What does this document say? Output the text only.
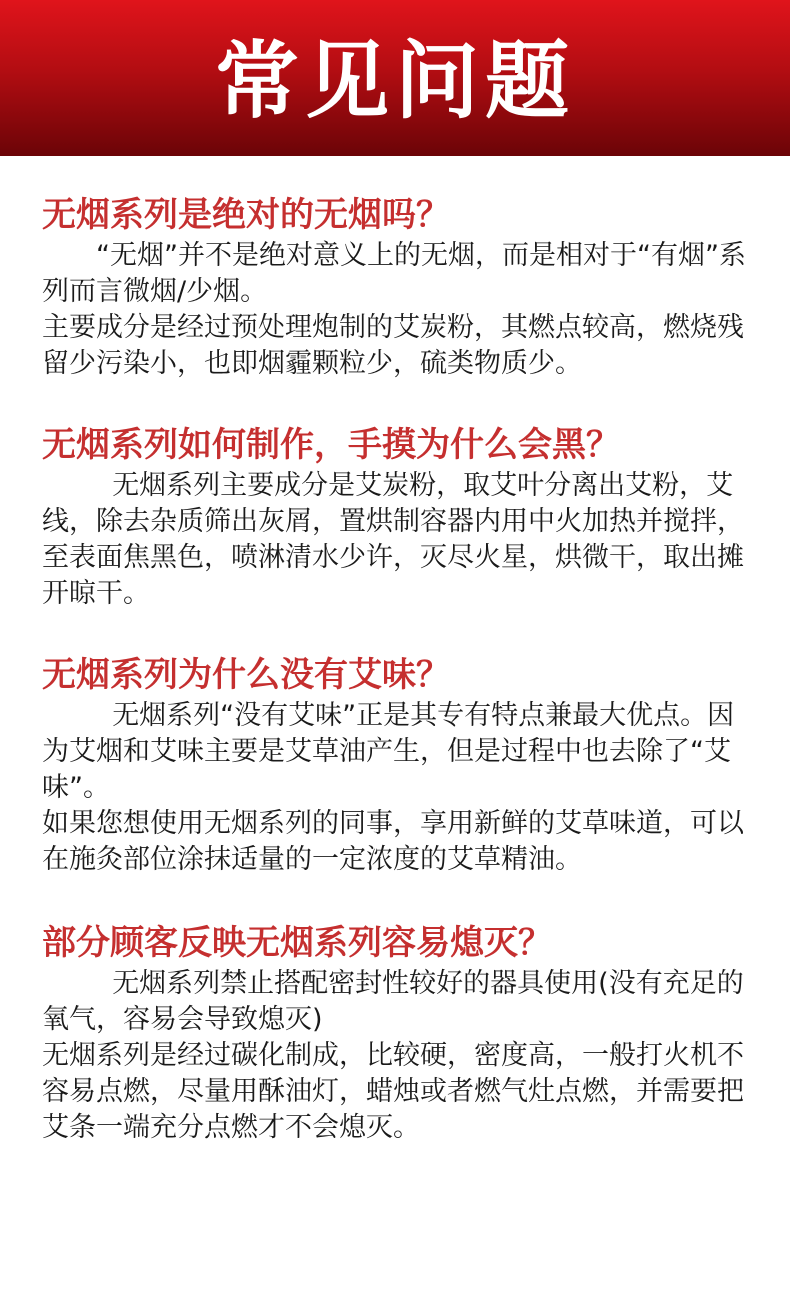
常见问题

无烟系列是绝对的无烟吗？

“无烟”并不是绝对意义上的无烟，而是相对于“有烟”系列而言微烟/少烟。

主要成分是经过预处理炮制的艾炭粉，其燃点较高，燃烧残留少污染小，也即烟霾颗粒少，硫类物质少。

无烟系列如何制作，手摸为什么会黑？

无烟系列主要成分是艾炭粉，取艾叶分离出艾粉，艾线，除去杂质筛出灰屑，置烘制容器内用中火加热并搅拌，至表面焦黑色，喷淋清水少许，灭尽火星，烘微干，取出摊开晾干。

无烟系列为什么没有艾味？

无烟系列“没有艾味”正是其专有特点兼最大优点。因为艾烟和艾味主要是艾草油产生，但是过程中也去除了“艾味”。

如果您想使用无烟系列的同事，享用新鲜的艾草味道，可以在施灸部位涂抹适量的一定浓度的艾草精油。

部分顾客反映无烟系列容易熄灭？

无烟系列禁止搭配密封性较好的器具使用(没有充足的氧气，容易会导致熄灭)

无烟系列是经过碳化制成，比较硬，密度高，一般打火机不容易点燃，尽量用酥油灯，蜡烛或者燃气灶点燃，并需要把艾条一端充分点燃才不会熄灭。
